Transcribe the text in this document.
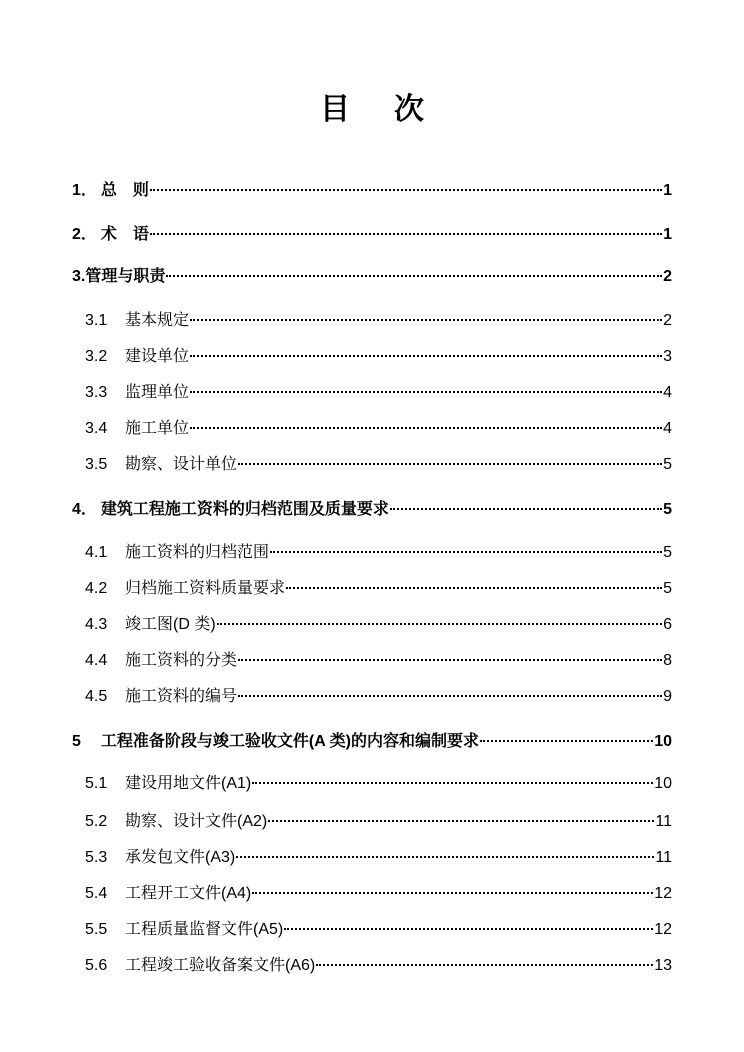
目 次
1． 总　则	1
2． 术　语	1
3.管理与职责	2
3.1	基本规定	2
3.2	建设单位	3
3.3	监理单位	4
3.4	施工单位	4
3.5	勘察、设计单位	5
4． 建筑工程施工资料的归档范围及质量要求	5
4.1	施工资料的归档范围	5
4.2	归档施工资料质量要求	5
4.3	竣工图(D 类)	6
4.4	施工资料的分类	8
4.5	施工资料的编号	9
5　 工程准备阶段与竣工验收文件(A 类)的内容和编制要求	10
5.1	建设用地文件(A1)	10
5.2	勘察、设计文件(A2)	11
5.3	承发包文件(A3)	11
5.4	工程开工文件(A4)	12
5.5	工程质量监督文件(A5)	12
5.6	工程竣工验收备案文件(A6)	13
